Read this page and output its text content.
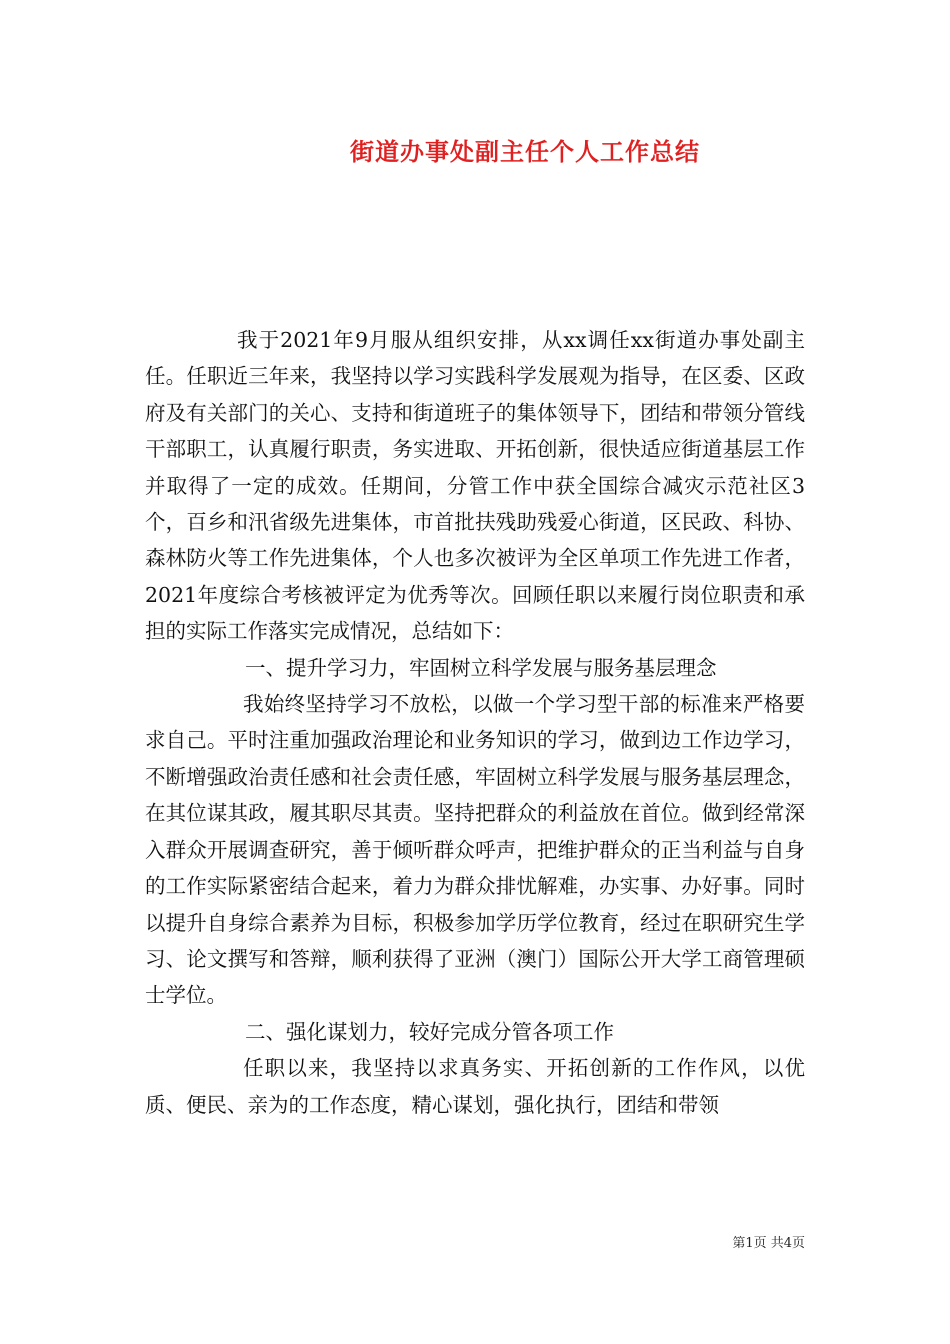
街道办事处副主任个人工作总结

我于2021年9月服从组织安排，从xx调任xx街道办事处副主任。任职近三年来，我坚持以学习实践科学发展观为指导，在区委、区政府及有关部门的关心、支持和街道班子的集体领导下，团结和带领分管线干部职工，认真履行职责，务实进取、开拓创新，很快适应街道基层工作并取得了一定的成效。任期间，分管工作中获全国综合减灾示范社区3个，百乡和汛省级先进集体，市首批扶残助残爱心街道，区民政、科协、森林防火等工作先进集体，个人也多次被评为全区单项工作先进工作者，2021年度综合考核被评定为优秀等次。回顾任职以来履行岗位职责和承担的实际工作落实完成情况，总结如下：

一、提升学习力，牢固树立科学发展与服务基层理念

我始终坚持学习不放松，以做一个学习型干部的标准来严格要求自己。平时注重加强政治理论和业务知识的学习，做到边工作边学习，不断增强政治责任感和社会责任感，牢固树立科学发展与服务基层理念，在其位谋其政，履其职尽其责。坚持把群众的利益放在首位。做到经常深入群众开展调查研究，善于倾听群众呼声，把维护群众的正当利益与自身的工作实际紧密结合起来，着力为群众排忧解难，办实事、办好事。同时以提升自身综合素养为目标，积极参加学历学位教育，经过在职研究生学习、论文撰写和答辩，顺利获得了亚洲（澳门）国际公开大学工商管理硕士学位。

二、强化谋划力，较好完成分管各项工作

任职以来，我坚持以求真务实、开拓创新的工作作风，以优质、便民、亲为的工作态度，精心谋划，强化执行，团结和带领

第1页 共4页
